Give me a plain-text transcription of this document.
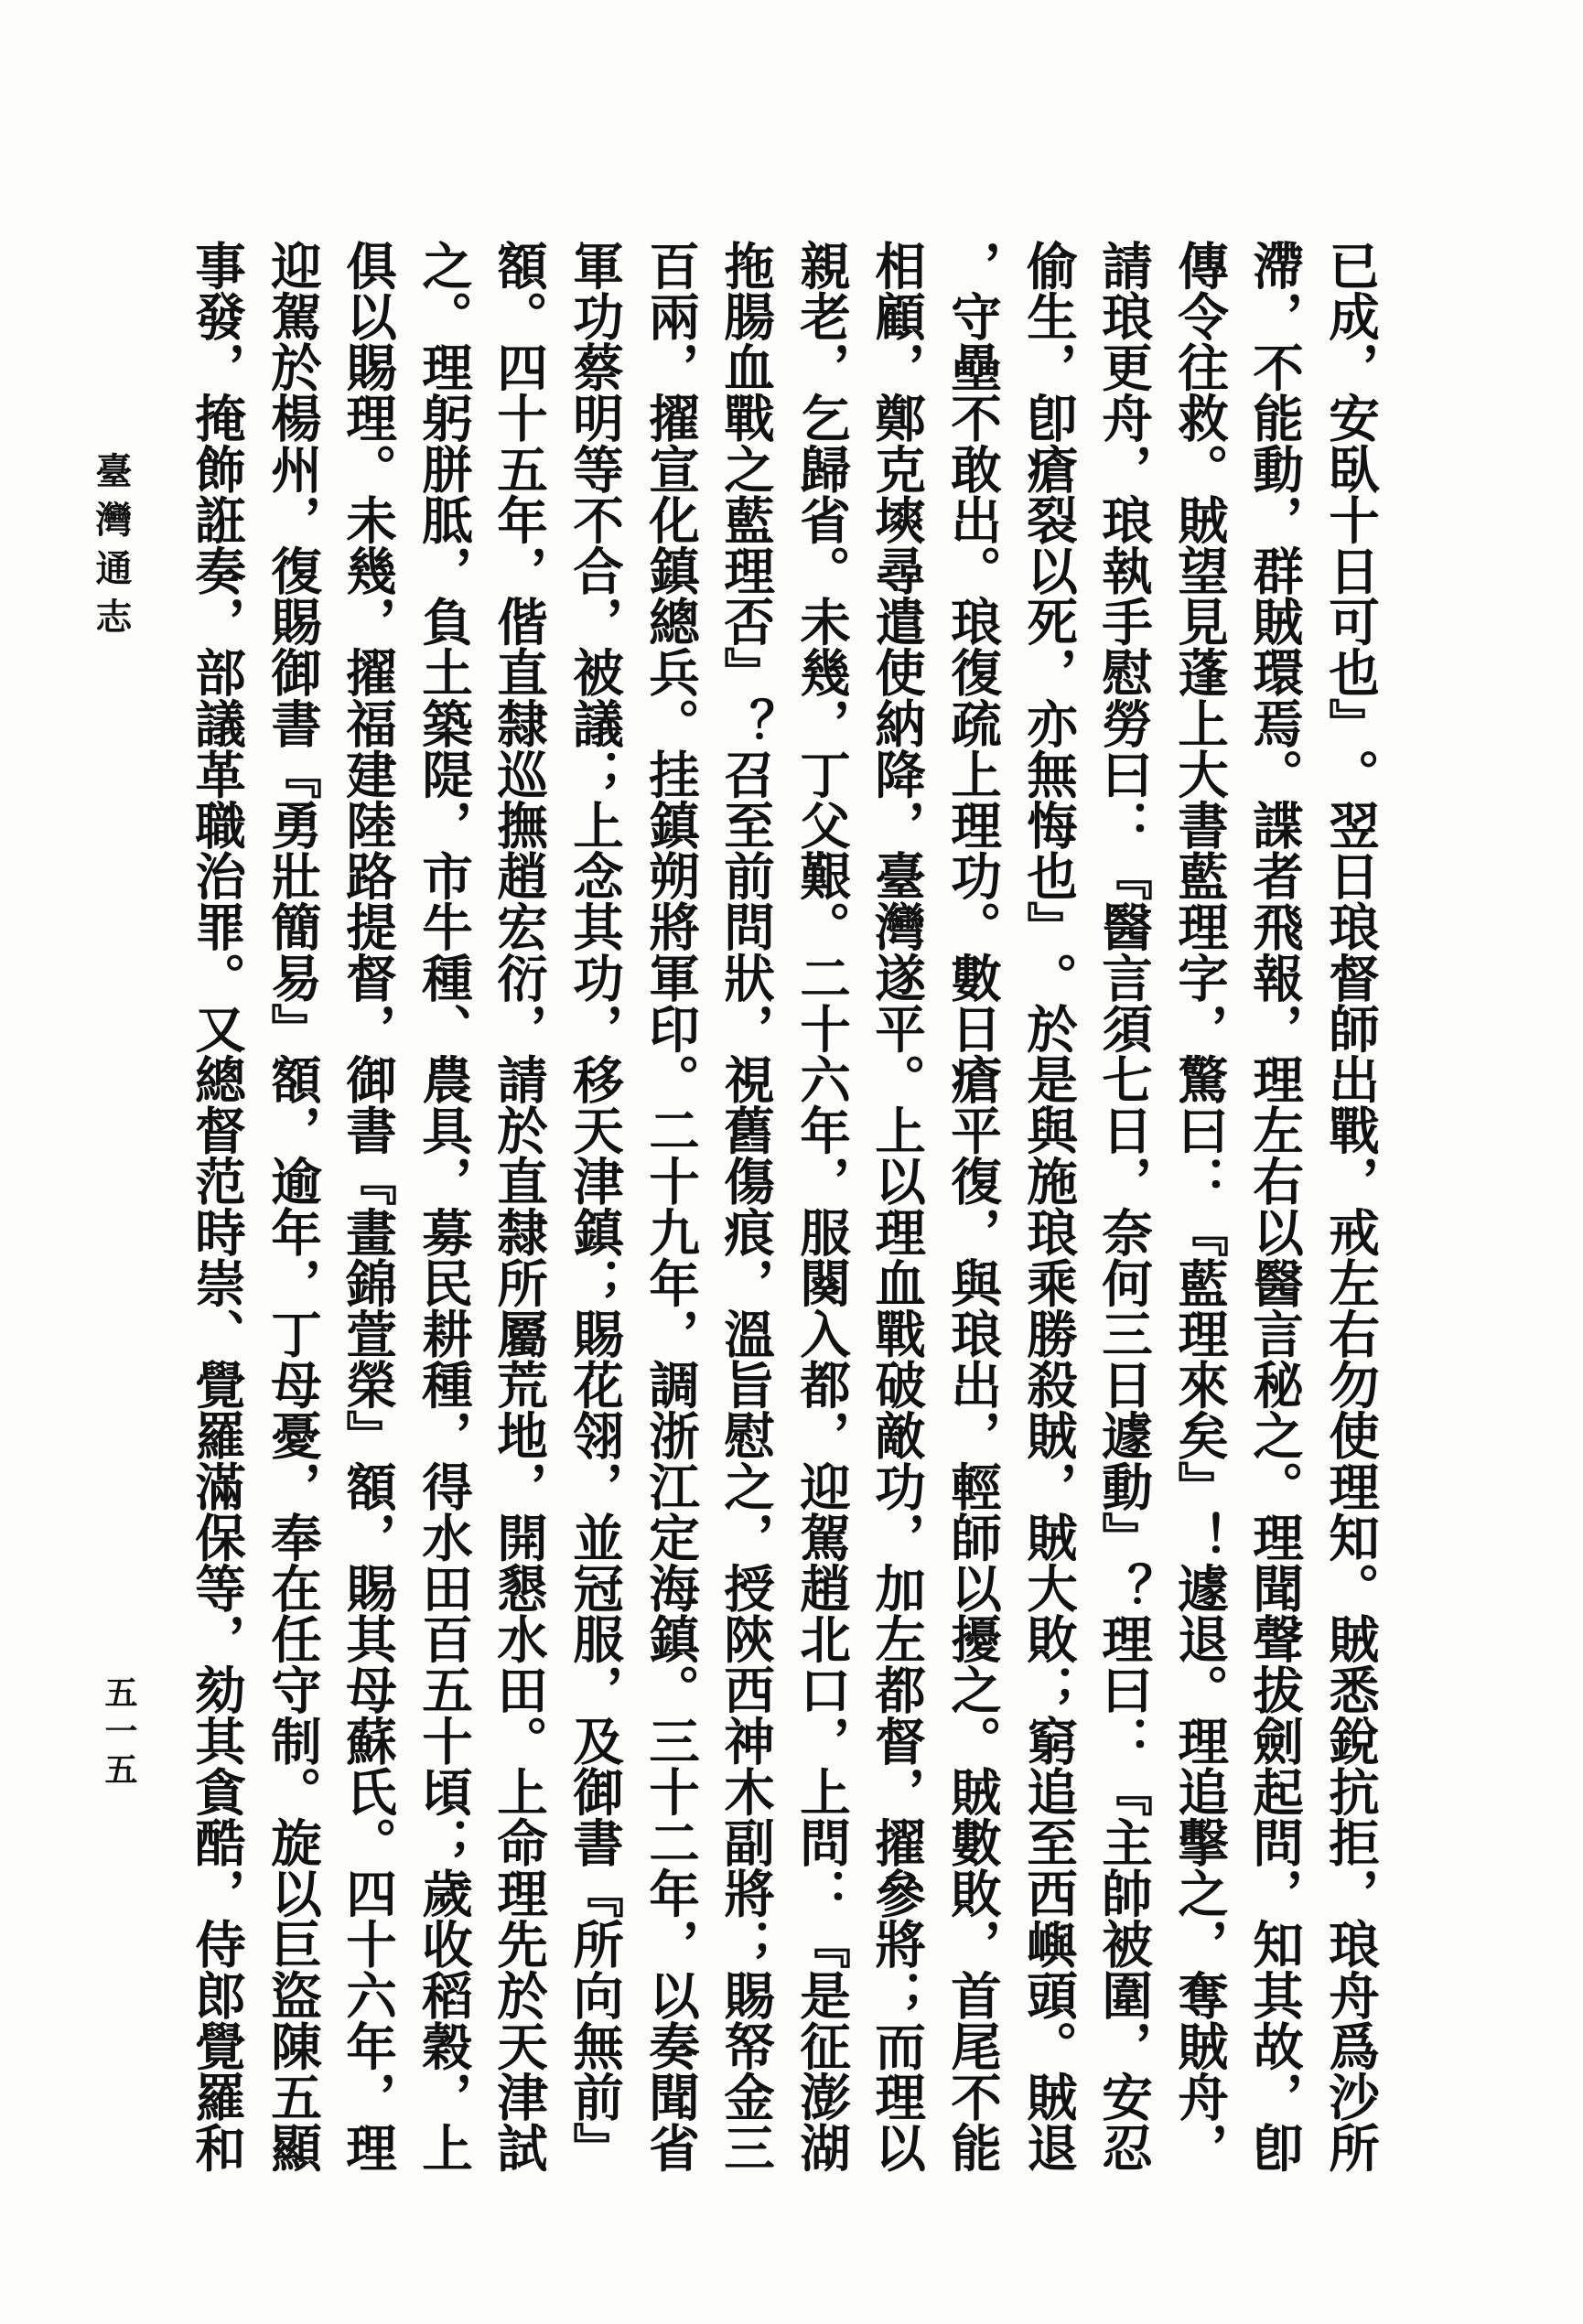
已成，安臥十日可也』。翌日琅督師出戰，戒左右勿使理知。賊悉銳抗拒，琅舟爲沙所
滯，不能動，群賊環焉。諜者飛報，理左右以醫言秘之。理聞聲拔劍起問，知其故，卽
傳令往救。賊望見蓬上大書藍理字，驚曰：『藍理來矣』！遽退。理追擊之，奪賊舟，
請琅更舟，琅執手慰勞曰：『醫言須七日，奈何三日遽動』？理曰：『主帥被圍，安忍
偷生，卽瘡裂以死，亦無悔也』。於是與施琅乘勝殺賊，賊大敗；窮追至西嶼頭。賊退
，守壘不敢出。琅復疏上理功。數日瘡平復，與琅出，輕師以擾之。賊數敗，首尾不能
相顧，鄭克塽尋遣使納降，臺灣遂平。上以理血戰破敵功，加左都督，擢參將；而理以
親老，乞歸省。未幾，丁父艱。二十六年，服闋入都，迎駕趙北口，上問：『是征澎湖
拖腸血戰之藍理否』？召至前問狀，視舊傷痕，溫旨慰之，授陝西神木副將；賜帑金三
百兩，擢宣化鎮總兵。挂鎮朔將軍印。二十九年，調浙江定海鎮。三十二年，以奏聞省
軍功蔡明等不合，被議；上念其功，移天津鎮；賜花翎，並冠服，及御書『所向無前』
額。四十五年，偕直隸巡撫趙宏衍，請於直隸所屬荒地，開懇水田。上命理先於天津試
之。理躬胼胝，負土築隄，市牛種、農具，募民耕種，得水田百五十頃；歲收稻穀，上
俱以賜理。未幾，擢福建陸路提督，御書『畫錦萱榮』額，賜其母蘇氏。四十六年，理
迎駕於楊州，復賜御書『勇壯簡易』額，逾年，丁母憂，奉在任守制。旋以巨盜陳五顯
事發，掩飾誑奏，部議革職治罪。又總督范時崇、覺羅滿保等，劾其貪酷，侍郎覺羅和
臺灣通志
五一五
